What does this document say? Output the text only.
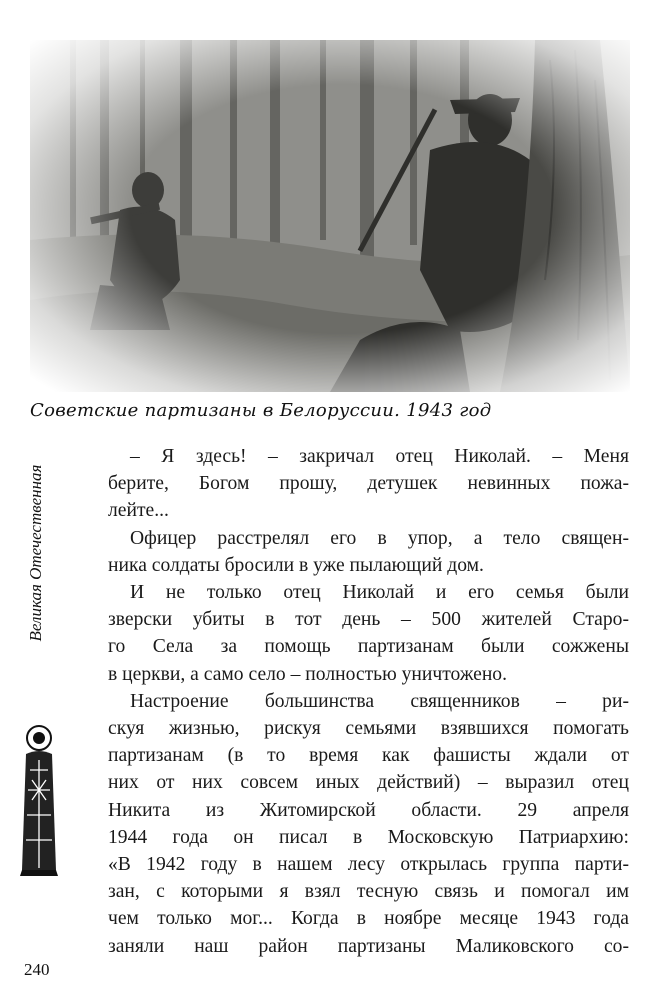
Советские партизаны в Белоруссии. 1943 год
Великая Отечественная
240
– Я здесь! – закричал отец Николай. – Меня
берите, Богом прошу, детушек невинных пожа-
лейте...
Офицер расстрелял его в упор, а тело священ-
ника солдаты бросили в уже пылающий дом.
И не только отец Николай и его семья были
зверски убиты в тот день – 500 жителей Старо-
го Села за помощь партизанам были сожжены
в церкви, а само село – полностью уничтожено.
Настроение большинства священников – ри-
скуя жизнью, рискуя семьями взявшихся помогать
партизанам (в то время как фашисты ждали от
них от них совсем иных действий) – выразил отец
Никита из Житомирской области. 29 апреля
1944 года он писал в Московскую Патриархию:
«В 1942 году в нашем лесу открылась группа парти-
зан, с которыми я взял тесную связь и помогал им
чем только мог... Когда в ноябре месяце 1943 года
заняли наш район партизаны Маликовского со-
